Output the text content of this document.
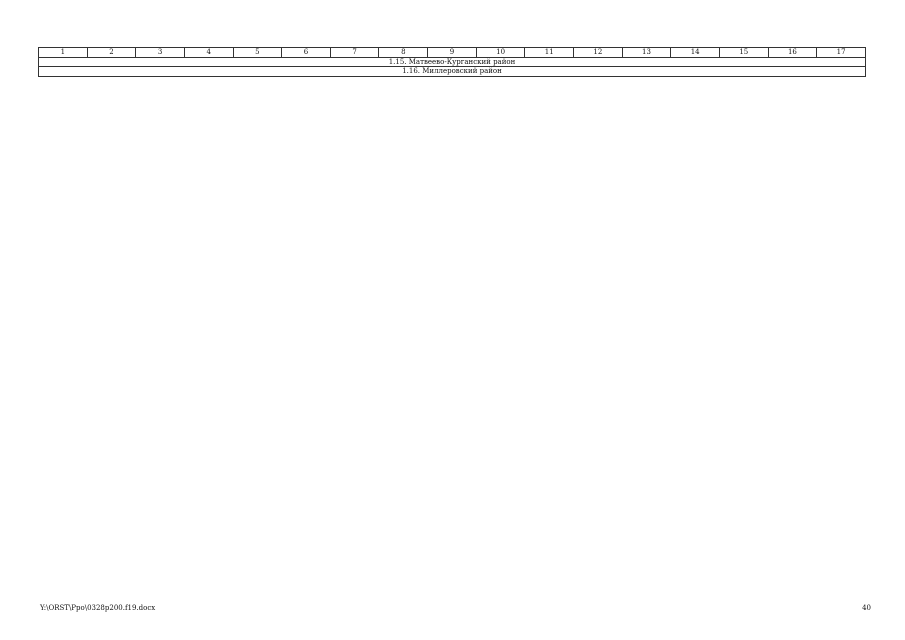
1	2	3	4	5	6	7	8	9	10	11	12	13	14	15	16	17
1.15. Матвеево-Курганский район
1.16. Миллеровский район
Y:\ORST\Ppo\0328p200.f19.docx	40
